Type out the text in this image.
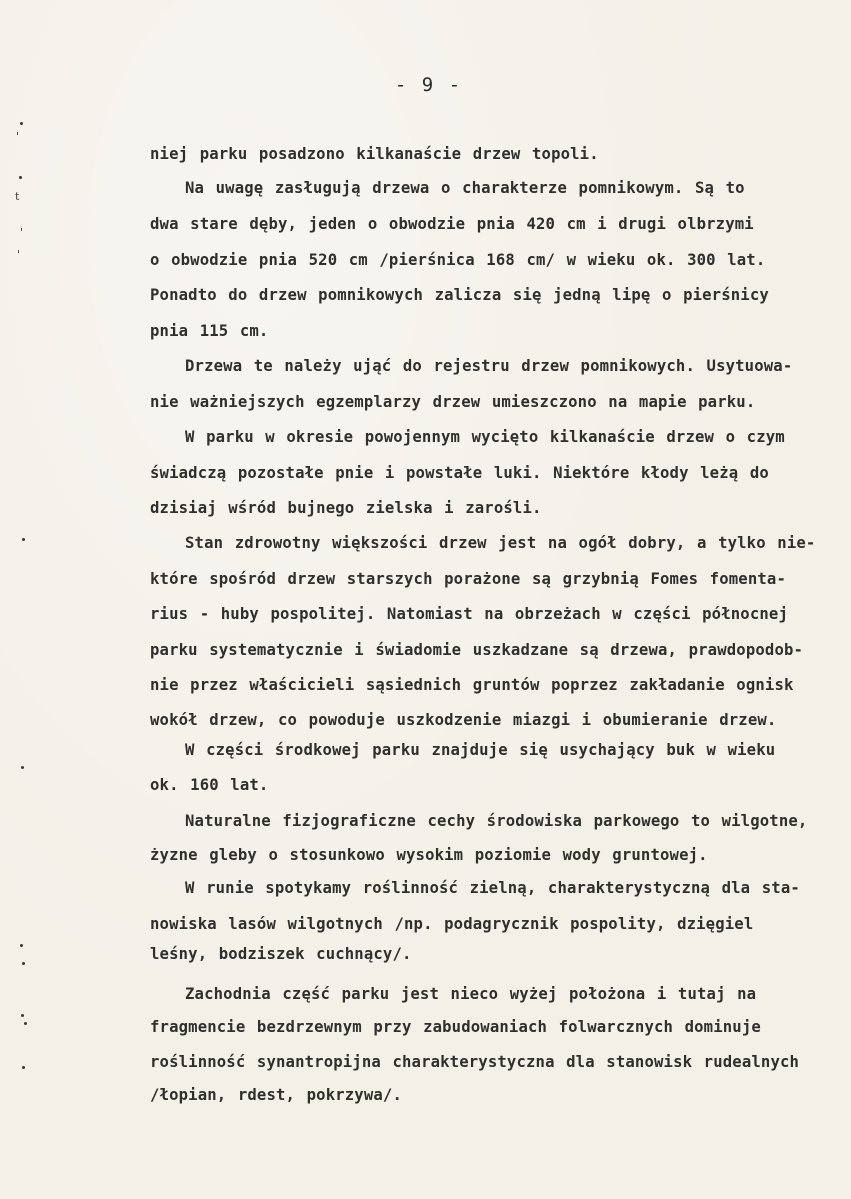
- 9 -
'
t
'
'
niej parku posadzono kilkanaście drzew topoli.
Na uwagę zasługują drzewa o charakterze pomnikowym. Są to
dwa stare dęby, jeden o obwodzie pnia 420 cm i drugi olbrzymi
o obwodzie pnia 520 cm /pierśnica 168 cm/ w wieku ok. 300 lat.
Ponadto do drzew pomnikowych zalicza się jedną lipę o pierśnicy
pnia 115 cm.
Drzewa te należy ująć do rejestru drzew pomnikowych. Usytuowa-
nie ważniejszych egzemplarzy drzew umieszczono na mapie parku.
W parku w okresie powojennym wycięto kilkanaście drzew o czym
świadczą pozostałe pnie i powstałe luki. Niektóre kłody leżą do
dzisiaj wśród bujnego zielska i zarośli.
Stan zdrowotny większości drzew jest na ogół dobry, a tylko nie-
które spośród drzew starszych porażone są grzybnią Fomes fomenta-
rius - huby pospolitej. Natomiast na obrzeżach w części północnej
parku systematycznie i świadomie uszkadzane są drzewa, prawdopodob-
nie przez właścicieli sąsiednich gruntów poprzez zakładanie ognisk
wokół drzew, co powoduje uszkodzenie miazgi i obumieranie drzew.
W części środkowej parku znajduje się usychający buk w wieku
ok. 160 lat.
Naturalne fizjograficzne cechy środowiska parkowego to wilgotne,
żyzne gleby o stosunkowo wysokim poziomie wody gruntowej.
W runie spotykamy roślinność zielną, charakterystyczną dla sta-
nowiska lasów wilgotnych /np. podagrycznik pospolity, dzięgiel
leśny, bodziszek cuchnący/.
Zachodnia część parku jest nieco wyżej położona i tutaj na
fragmencie bezdrzewnym przy zabudowaniach folwarcznych dominuje
roślinność synantropijna charakterystyczna dla stanowisk rudealnych
/łopian, rdest, pokrzywa/.
